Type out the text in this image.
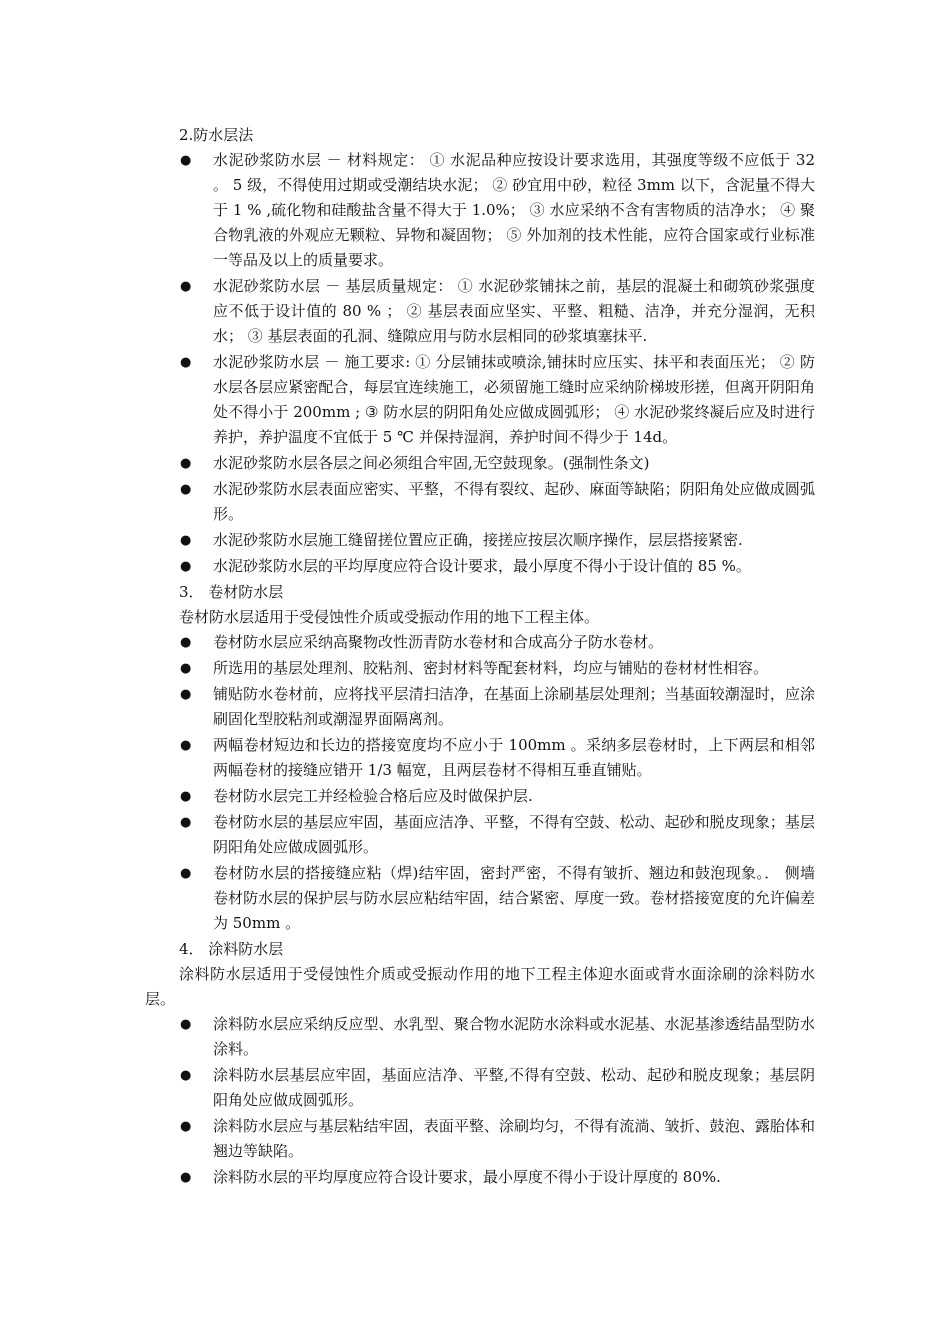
2.防水层法

● 水泥砂浆防水层 － 材料规定： ① 水泥品种应按设计要求选用，其强度等级不应低于 32 。 5 级，不得使用过期或受潮结块水泥； ② 砂宜用中砂，粒径 3mm 以下，含泥量不得大于 1 % ,硫化物和硅酸盐含量不得大于 1.0%； ③ 水应采纳不含有害物质的洁净水； ④ 聚合物乳液的外观应无颗粒、异物和凝固物； ⑤ 外加剂的技术性能，应符合国家或行业标准一等品及以上的质量要求。
● 水泥砂浆防水层 － 基层质量规定： ① 水泥砂浆铺抹之前，基层的混凝土和砌筑砂浆强度应不低于设计值的 80 % ； ② 基层表面应坚实、平整、粗糙、洁净，并充分湿润，无积水； ③ 基层表面的孔洞、缝隙应用与防水层相同的砂浆填塞抹平.
● 水泥砂浆防水层 － 施工要求: ① 分层铺抹或喷涂,铺抹时应压实、抹平和表面压光； ② 防水层各层应紧密配合，每层宜连续施工，必须留施工缝时应采纳阶梯坡形搓，但离开阴阳角处不得小于 200mm ; ③ 防水层的阴阳角处应做成圆弧形； ④ 水泥砂浆终凝后应及时进行养护，养护温度不宜低于 5 ℃ 并保持湿润，养护时间不得少于 14d。
● 水泥砂浆防水层各层之间必须组合牢固,无空鼓现象。(强制性条文)
● 水泥砂浆防水层表面应密实、平整，不得有裂纹、起砂、麻面等缺陷；阴阳角处应做成圆弧形。
● 水泥砂浆防水层施工缝留搓位置应正确，接搓应按层次顺序操作，层层搭接紧密.
● 水泥砂浆防水层的平均厚度应符合设计要求，最小厚度不得小于设计值的 85 %。

3． 卷材防水层

卷材防水层适用于受侵蚀性介质或受振动作用的地下工程主体。

● 卷材防水层应采纳高聚物改性沥青防水卷材和合成高分子防水卷材。
● 所选用的基层处理剂、胶粘剂、密封材料等配套材料，均应与铺贴的卷材材性相容。
● 铺贴防水卷材前，应将找平层清扫洁净，在基面上涂刷基层处理剂；当基面较潮湿时，应涂刷固化型胶粘剂或潮湿界面隔离剂。
● 两幅卷材短边和长边的搭接宽度均不应小于 100mm 。采纳多层卷材时，上下两层和相邻两幅卷材的接缝应错开 1/3 幅宽，且两层卷材不得相互垂直铺贴。
● 卷材防水层完工并经检验合格后应及时做保护层.
● 卷材防水层的基层应牢固，基面应洁净、平整，不得有空鼓、松动、起砂和脱皮现象；基层阴阳角处应做成圆弧形。
● 卷材防水层的搭接缝应粘（焊)结牢固，密封严密，不得有皱折、翘边和鼓泡现象。． 侧墙卷材防水层的保护层与防水层应粘结牢固，结合紧密、厚度一致。卷材搭接宽度的允许偏差为 50mm 。

4． 涂料防水层

涂料防水层适用于受侵蚀性介质或受振动作用的地下工程主体迎水面或背水面涂刷的涂料防水层。

● 涂料防水层应采纳反应型、水乳型、聚合物水泥防水涂料或水泥基、水泥基渗透结晶型防水涂料。
● 涂料防水层基层应牢固，基面应洁净、平整,不得有空鼓、松动、起砂和脱皮现象；基层阴阳角处应做成圆弧形。
● 涂料防水层应与基层粘结牢固，表面平整、涂刷均匀，不得有流淌、皱折、鼓泡、露胎体和翘边等缺陷。
● 涂料防水层的平均厚度应符合设计要求，最小厚度不得小于设计厚度的 80%.
